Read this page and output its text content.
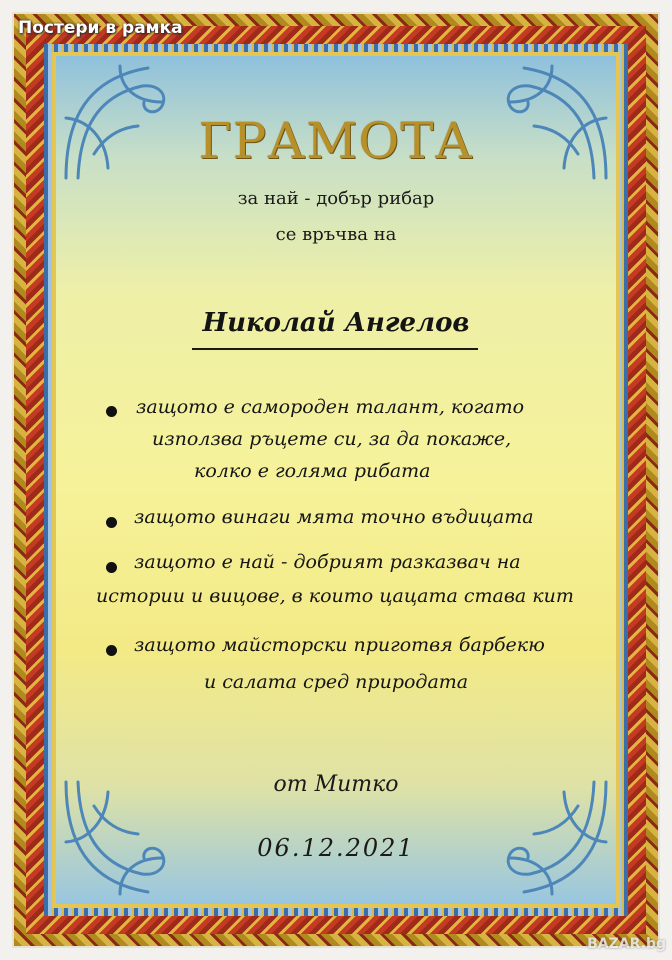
Постери в рамка
ГРАМОТА
за най - добър рибар
се връчва на
Николай Ангелов
защото е самороден талант, когато
използва ръцете си, за да покаже,
колко е голяма рибата
защото винаги мята точно въдицата
защото е най - добрият разказвач на
истории и вицове, в които цацата става кит
защото майсторски приготвя барбекю
и салата сред природата
от Митко
06.12.2021
BAZAR.bg
